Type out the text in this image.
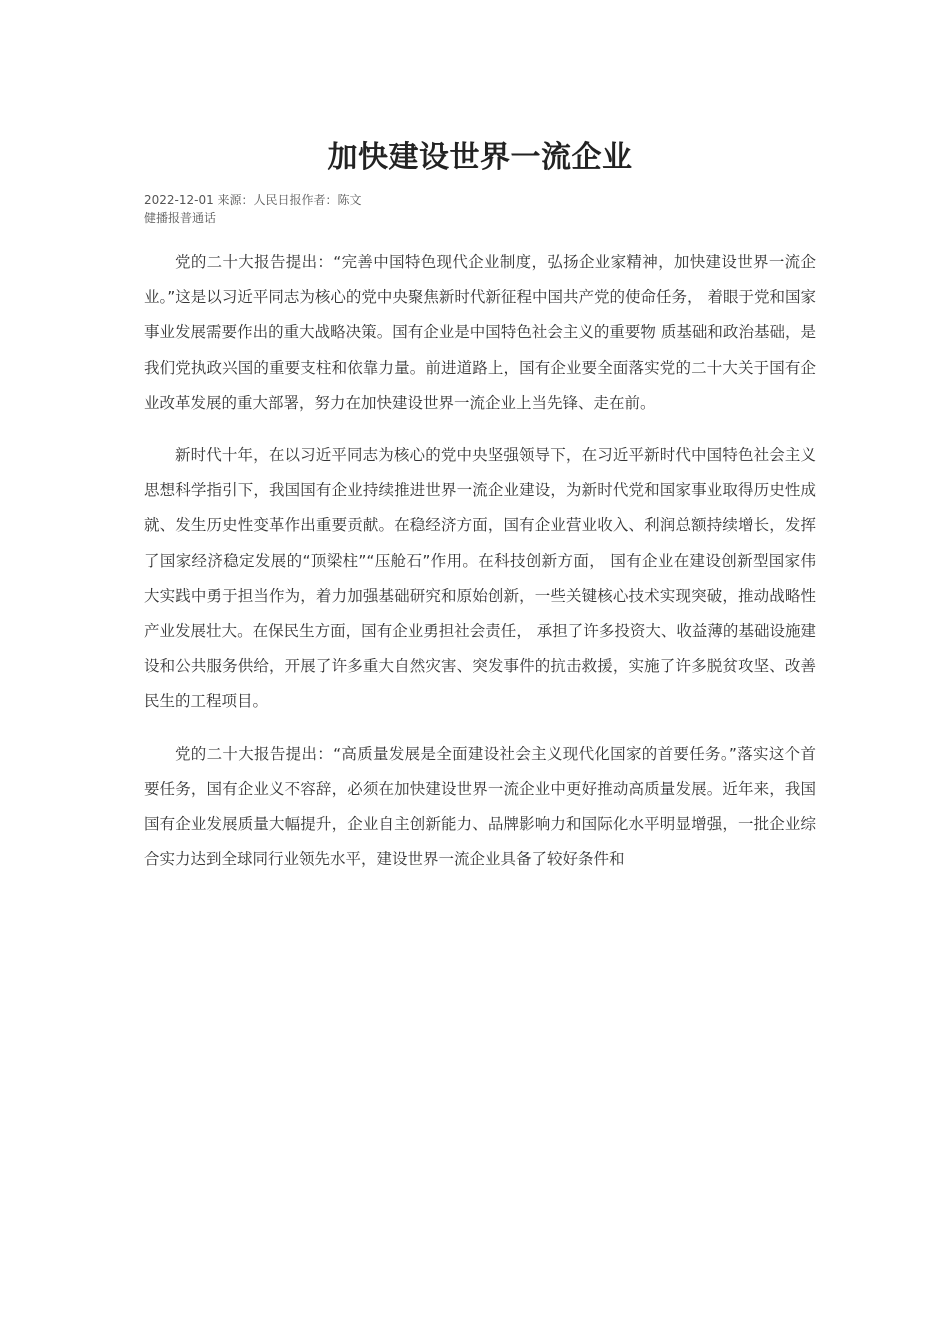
加快建设世界一流企业
2022-12-01 来源：人民日报作者：陈文
健播报普通话

党的二十大报告提出：“完善中国特色现代企业制度，弘扬企业家精神，加快建设世界一流企业。”这是以习近平同志为核心的党中央聚焦新时代新征程中国共产党的使命任务， 着眼于党和国家事业发展需要作出的重大战略决策。国有企业是中国特色社会主义的重要物 质基础和政治基础，是我们党执政兴国的重要支柱和依靠力量。前进道路上，国有企业要全面落实党的二十大关于国有企业改革发展的重大部署，努力在加快建设世界一流企业上当先锋、走在前。

新时代十年，在以习近平同志为核心的党中央坚强领导下，在习近平新时代中国特色社会主义思想科学指引下，我国国有企业持续推进世界一流企业建设，为新时代党和国家事业取得历史性成就、发生历史性变革作出重要贡献。在稳经济方面，国有企业营业收入、利润总额持续增长，发挥了国家经济稳定发展的“顶梁柱”“压舱石”作用。在科技创新方面， 国有企业在建设创新型国家伟大实践中勇于担当作为，着力加强基础研究和原始创新，一些关键核心技术实现突破，推动战略性产业发展壮大。在保民生方面，国有企业勇担社会责任， 承担了许多投资大、收益薄的基础设施建设和公共服务供给，开展了许多重大自然灾害、突发事件的抗击救援，实施了许多脱贫攻坚、改善民生的工程项目。

党的二十大报告提出：“高质量发展是全面建设社会主义现代化国家的首要任务。”落实这个首要任务，国有企业义不容辞，必须在加快建设世界一流企业中更好推动高质量发展。近年来，我国国有企业发展质量大幅提升，企业自主创新能力、品牌影响力和国际化水平明显增强，一批企业综合实力达到全球同行业领先水平，建设世界一流企业具备了较好条件和
